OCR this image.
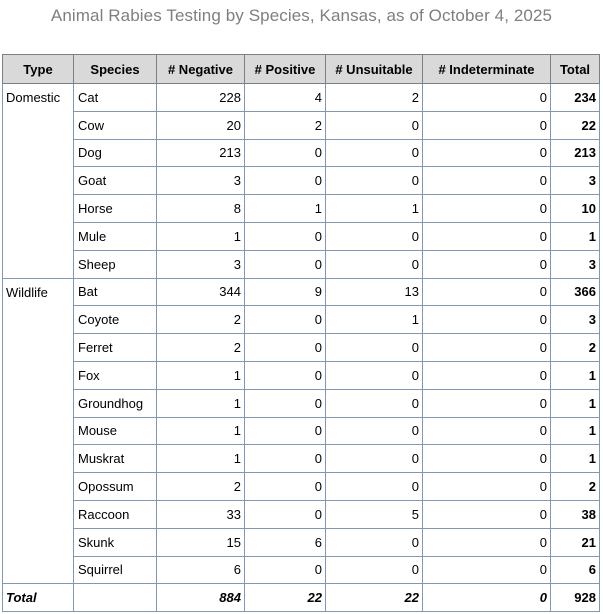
Animal Rabies Testing by Species, Kansas, as of October 4, 2025
Type	Species	# Negative	# Positive	# Unsuitable	# Indeterminate	Total
Domestic	Cat	228	4	2	0	234
	Cow	20	2	0	0	22
	Dog	213	0	0	0	213
	Goat	3	0	0	0	3
	Horse	8	1	1	0	10
	Mule	1	0	0	0	1
	Sheep	3	0	0	0	3
Wildlife	Bat	344	9	13	0	366
	Coyote	2	0	1	0	3
	Ferret	2	0	0	0	2
	Fox	1	0	0	0	1
	Groundhog	1	0	0	0	1
	Mouse	1	0	0	0	1
	Muskrat	1	0	0	0	1
	Opossum	2	0	0	0	2
	Raccoon	33	0	5	0	38
	Skunk	15	6	0	0	21
	Squirrel	6	0	0	0	6
Total		884	22	22	0	928
